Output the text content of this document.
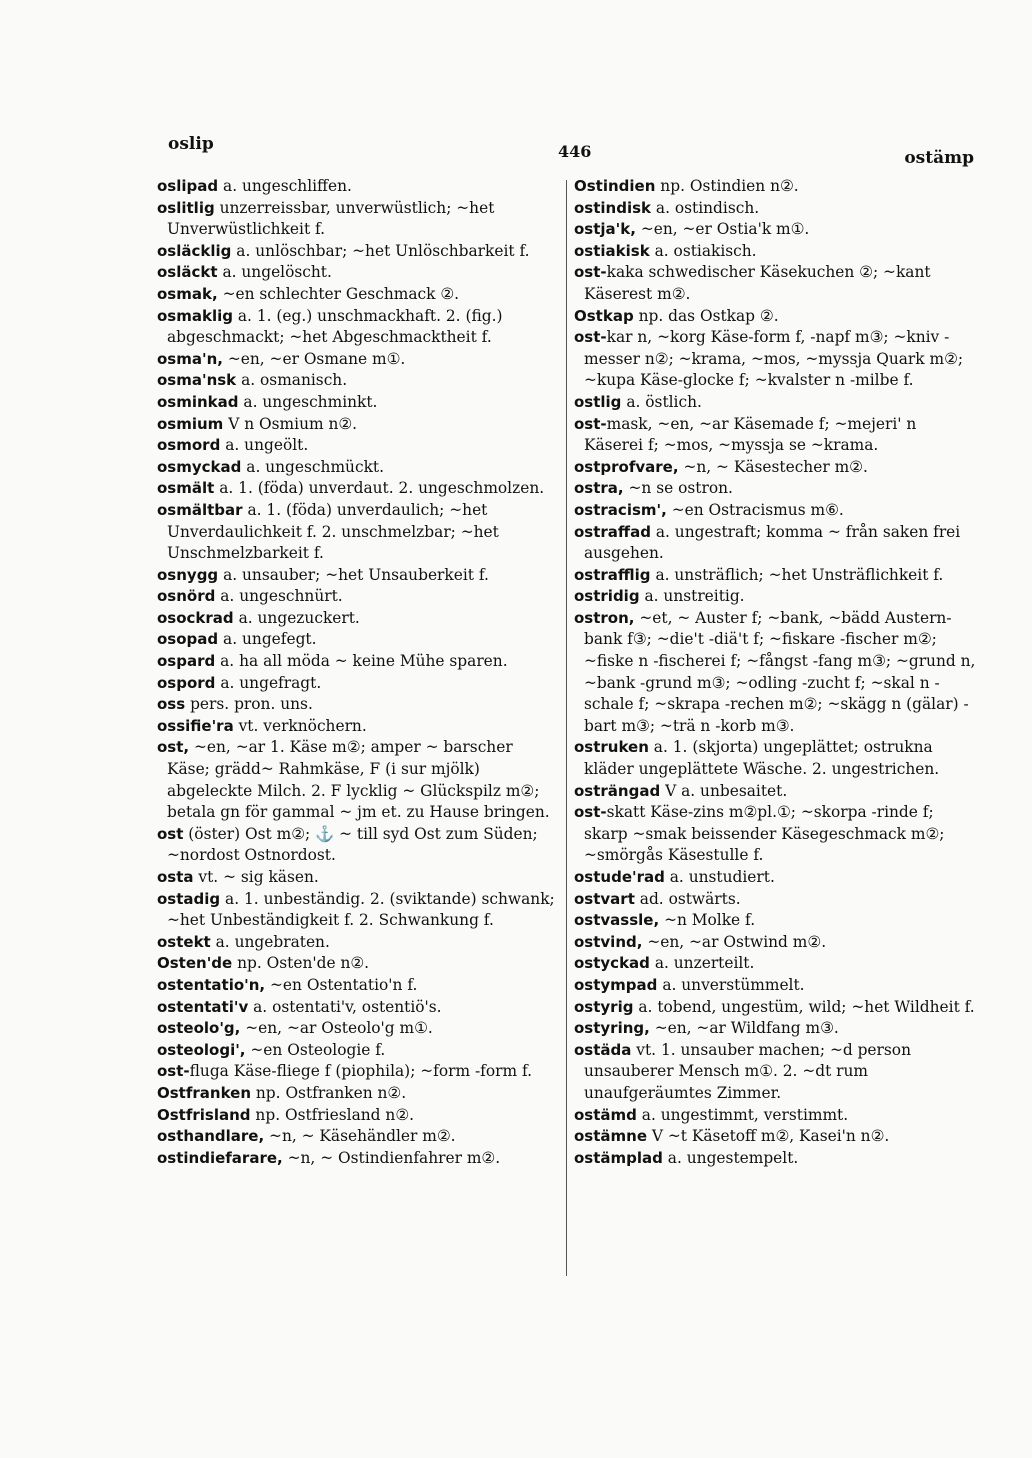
oslip	446	ostämp
oslipad a. ungeschliffen.
oslitlig unzerreissbar, unverwüstlich; ~het Unverwüstlichkeit f.
osläcklig a. unlöschbar; ~het Unlöschbarkeit f.
osläckt a. ungelöscht.
osmak, ~en schlechter Geschmack ②.
osmaklig a. 1. (eg.) unschmackhaft. 2. (fig.) abgeschmackt; ~het Abgeschmacktheit f.
osma'n, ~en, ~er Osmane m①.
osma'nsk a. osmanisch.
osminkad a. ungeschminkt.
osmium V n Osmium n②.
osmord a. ungeölt.
osmyckad a. ungeschmückt.
osmält a. 1. (föda) unverdaut. 2. ungeschmolzen.
osmältbar a. 1. (föda) unverdaulich; ~het Unverdaulichkeit f. 2. unschmelzbar; ~het Unschmelzbarkeit f.
osnygg a. unsauber; ~het Unsauberkeit f.
osnörd a. ungeschnürt.
osockrad a. ungezuckert.
osopad a. ungefegt.
ospard a. ha all möda ~ keine Mühe sparen.
ospord a. ungefragt.
oss pers. pron. uns.
ossifie'ra vt. verknöchern.
ost, ~en, ~ar 1. Käse m②; amper ~ barscher Käse; grädd~ Rahmkäse, F (i sur mjölk) abgeleckte Milch. 2. F lycklig ~ Glückspilz m②; betala gn för gammal ~ jm et. zu Hause bringen.
ost (öster) Ost m②; ⚓ ~ till syd Ost zum Süden; ~nordost Ostnordost.
osta vt. ~ sig käsen.
ostadig a. 1. unbeständig. 2. (sviktande) schwank; ~het Unbeständigkeit f. 2. Schwankung f.
ostekt a. ungebraten.
Osten'de np. Osten'de n②.
ostentatio'n, ~en Ostentatio'n f.
ostentati'v a. ostentati'v, ostentiö's.
osteolo'g, ~en, ~ar Osteolo'g m①.
osteologi', ~en Osteologie f.
ost-fluga Käse-fliege f (piophila); ~form -form f.
Ostfranken np. Ostfranken n②.
Ostfrisland np. Ostfriesland n②.
osthandlare, ~n, ~ Käsehändler m②.
ostindiefarare, ~n, ~ Ostindienfahrer m②.
Ostindien np. Ostindien n②.
ostindisk a. ostindisch.
ostja'k, ~en, ~er Ostia'k m①.
ostiakisk a. ostiakisch.
ost-kaka schwedischer Käsekuchen ②; ~kant Käserest m②.
Ostkap np. das Ostkap ②.
ost-kar n, ~korg Käse-form f, -napf m③; ~kniv -messer n②; ~krama, ~mos, ~myssja Quark m②; ~kupa Käse-glocke f; ~kvalster n -milbe f.
ostlig a. östlich.
ost-mask, ~en, ~ar Käsemade f; ~mejeri' n Käserei f; ~mos, ~myssja se ~krama.
ostprofvare, ~n, ~ Käsestecher m②.
ostra, ~n se ostron.
ostracism', ~en Ostracismus m⑥.
ostraffad a. ungestraft; komma ~ från saken frei ausgehen.
ostrafflig a. unsträflich; ~het Unsträflichkeit f.
ostridig a. unstreitig.
ostron, ~et, ~ Auster f; ~bank, ~bädd Austern-bank f③; ~die't -diä't f; ~fiskare -fischer m②; ~fiske n -fischerei f; ~fångst -fang m③; ~grund n, ~bank -grund m③; ~odling -zucht f; ~skal n -schale f; ~skrapa -rechen m②; ~skägg n (gälar) -bart m③; ~trä n -korb m③.
ostruken a. 1. (skjorta) ungeplättet; ostrukna kläder ungeplättete Wäsche. 2. ungestrichen.
osträngad V a. unbesaitet.
ost-skatt Käse-zins m②pl.①; ~skorpa -rinde f; skarp ~smak beissender Käsegeschmack m②; ~smörgås Käsestulle f.
ostude'rad a. unstudiert.
ostvart ad. ostwärts.
ostvassle, ~n Molke f.
ostvind, ~en, ~ar Ostwind m②.
ostyckad a. unzerteilt.
ostympad a. unverstümmelt.
ostyrig a. tobend, ungestüm, wild; ~het Wildheit f.
ostyring, ~en, ~ar Wildfang m③.
ostäda vt. 1. unsauber machen; ~d person unsauberer Mensch m①. 2. ~dt rum unaufgeräumtes Zimmer.
ostämd a. ungestimmt, verstimmt.
ostämne V ~t Käsetoff m②, Kasei'n n②.
ostämplad a. ungestempelt.
